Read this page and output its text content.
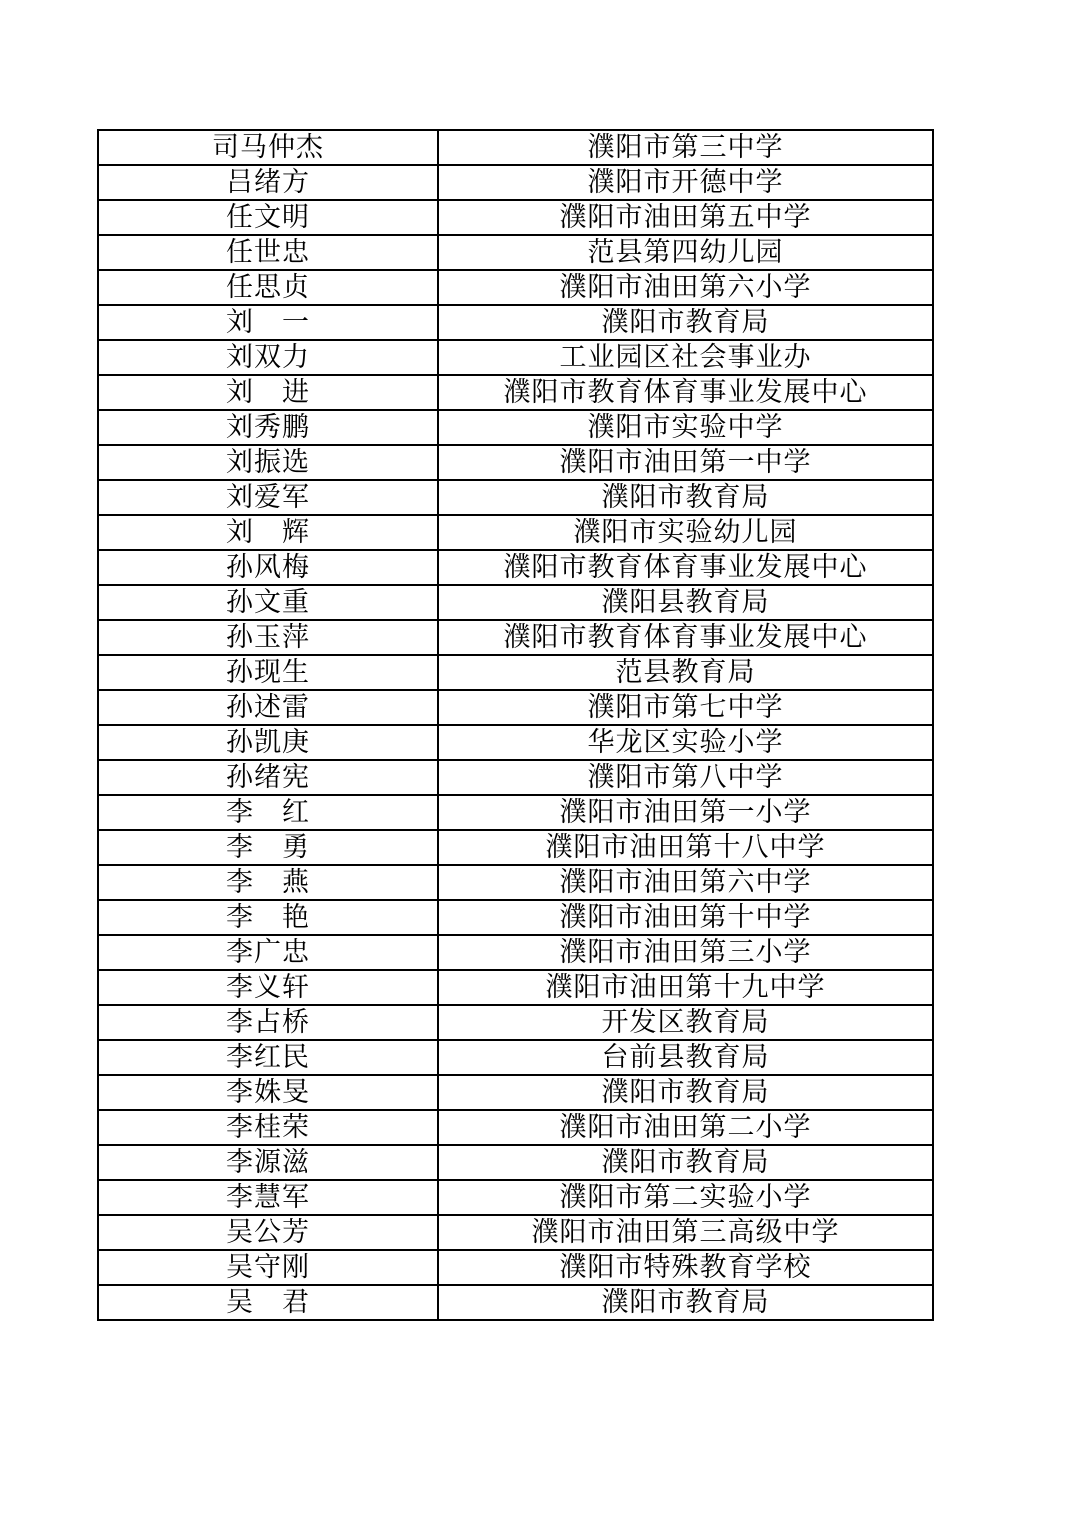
司马仲杰	濮阳市第三中学
吕绪方	濮阳市开德中学
任文明	濮阳市油田第五中学
任世忠	范县第四幼儿园
任思贞	濮阳市油田第六小学
刘　一	濮阳市教育局
刘双力	工业园区社会事业办
刘　进	濮阳市教育体育事业发展中心
刘秀鹏	濮阳市实验中学
刘振选	濮阳市油田第一中学
刘爱军	濮阳市教育局
刘　辉	濮阳市实验幼儿园
孙风梅	濮阳市教育体育事业发展中心
孙文重	濮阳县教育局
孙玉萍	濮阳市教育体育事业发展中心
孙现生	范县教育局
孙述雷	濮阳市第七中学
孙凯庚	华龙区实验小学
孙绪宪	濮阳市第八中学
李　红	濮阳市油田第一小学
李　勇	濮阳市油田第十八中学
李　燕	濮阳市油田第六中学
李　艳	濮阳市油田第十中学
李广忠	濮阳市油田第三小学
李义轩	濮阳市油田第十九中学
李占桥	开发区教育局
李红民	台前县教育局
李姝旻	濮阳市教育局
李桂荣	濮阳市油田第二小学
李源滋	濮阳市教育局
李慧军	濮阳市第二实验小学
吴公芳	濮阳市油田第三高级中学
吴守刚	濮阳市特殊教育学校
吴　君	濮阳市教育局
